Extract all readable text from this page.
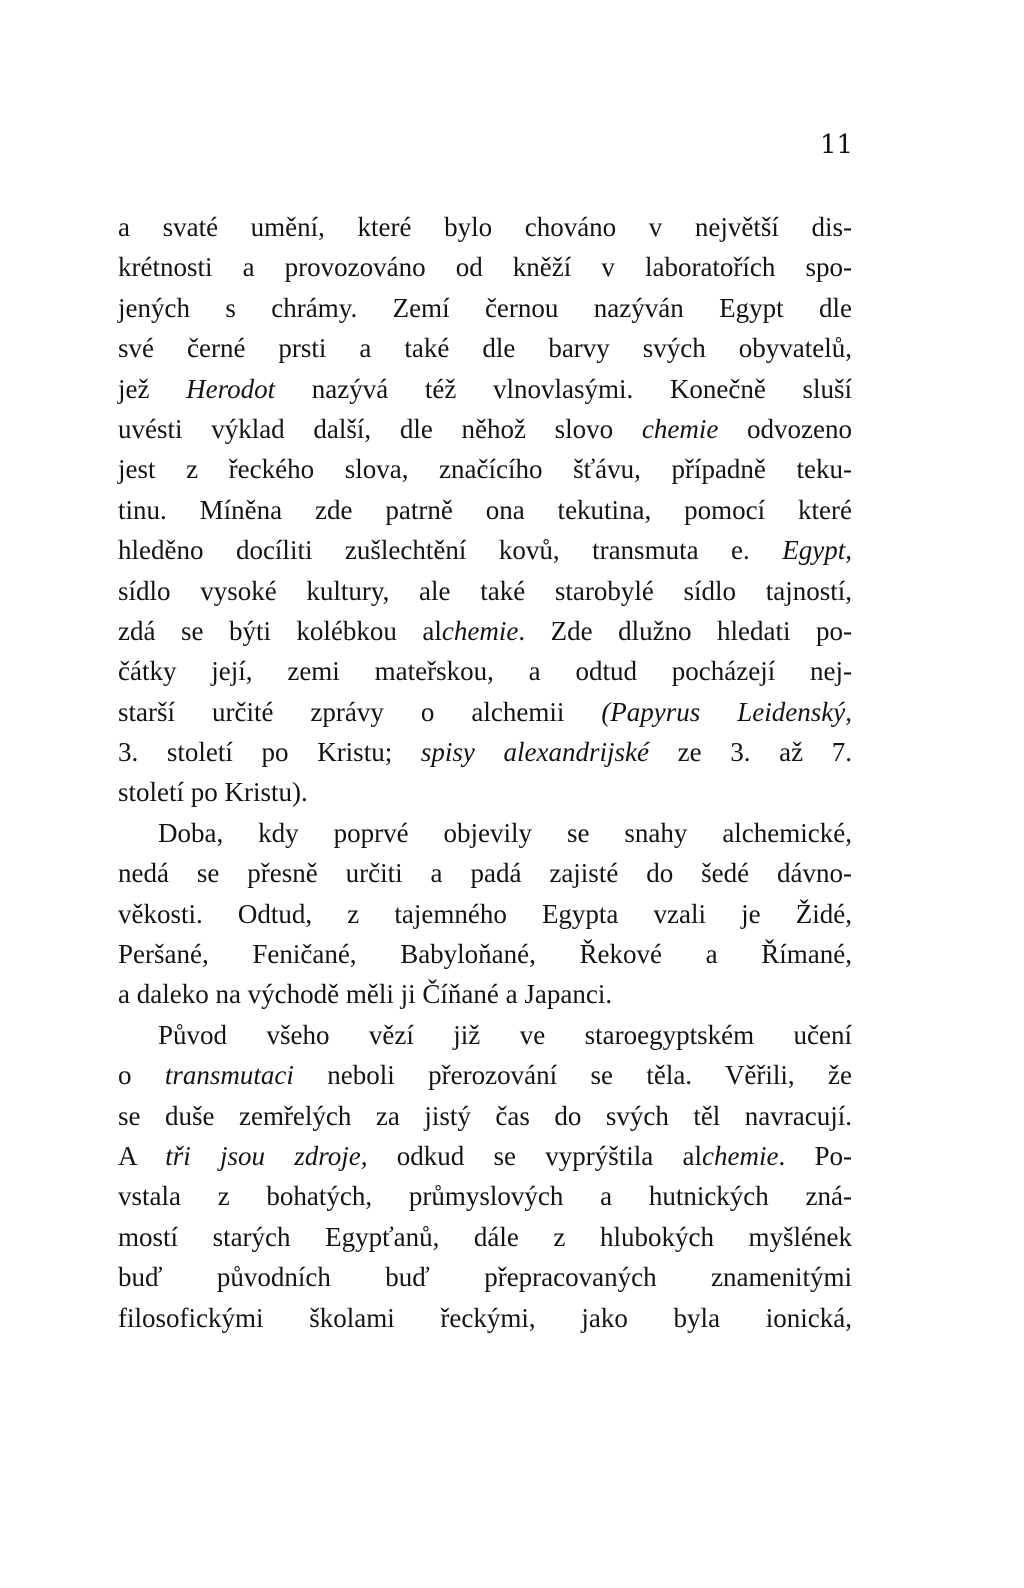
11
a svaté umění, které bylo chováno v největší dis-
krétnosti a provozováno od kněží v laboratořích spo-
jených s chrámy. Zemí černou nazýván Egypt dle
své černé prsti a také dle barvy svých obyvatelů,
jež Herodot nazývá též vlnovlasými. Konečně sluší
uvésti výklad další, dle něhož slovo chemie odvozeno
jest z řeckého slova, značícího šťávu, případně teku-
tinu. Míněna zde patrně ona tekutina, pomocí které
hleděno docíliti zušlechtění kovů, transmuta e. Egypt,
sídlo vysoké kultury, ale také starobylé sídlo tajností,
zdá se býti kolébkou alchemie. Zde dlužno hledati po-
čátky její, zemi mateřskou, a odtud pocházejí nej-
starší určité zprávy o alchemii (Papyrus Leidenský,
3. století po Kristu; spisy alexandrijské ze 3. až 7.
století po Kristu).
Doba, kdy poprvé objevily se snahy alchemické,
nedá se přesně určiti a padá zajisté do šedé dávno-
věkosti. Odtud, z tajemného Egypta vzali je Židé,
Peršané, Feničané, Babyloňané, Řekové a Římané,
a daleko na východě měli ji Číňané a Japanci.
Původ všeho vězí již ve staroegyptském učení
o transmutaci neboli přerozování se těla. Věřili, že
se duše zemřelých za jistý čas do svých těl navracují.
A tři jsou zdroje, odkud se vyprýštila alchemie. Po-
vstala z bohatých, průmyslových a hutnických zná-
mostí starých Egypťanů, dále z hlubokých myšlének
buď původních buď přepracovaných znamenitými
filosofickými školami řeckými, jako byla ionická,
